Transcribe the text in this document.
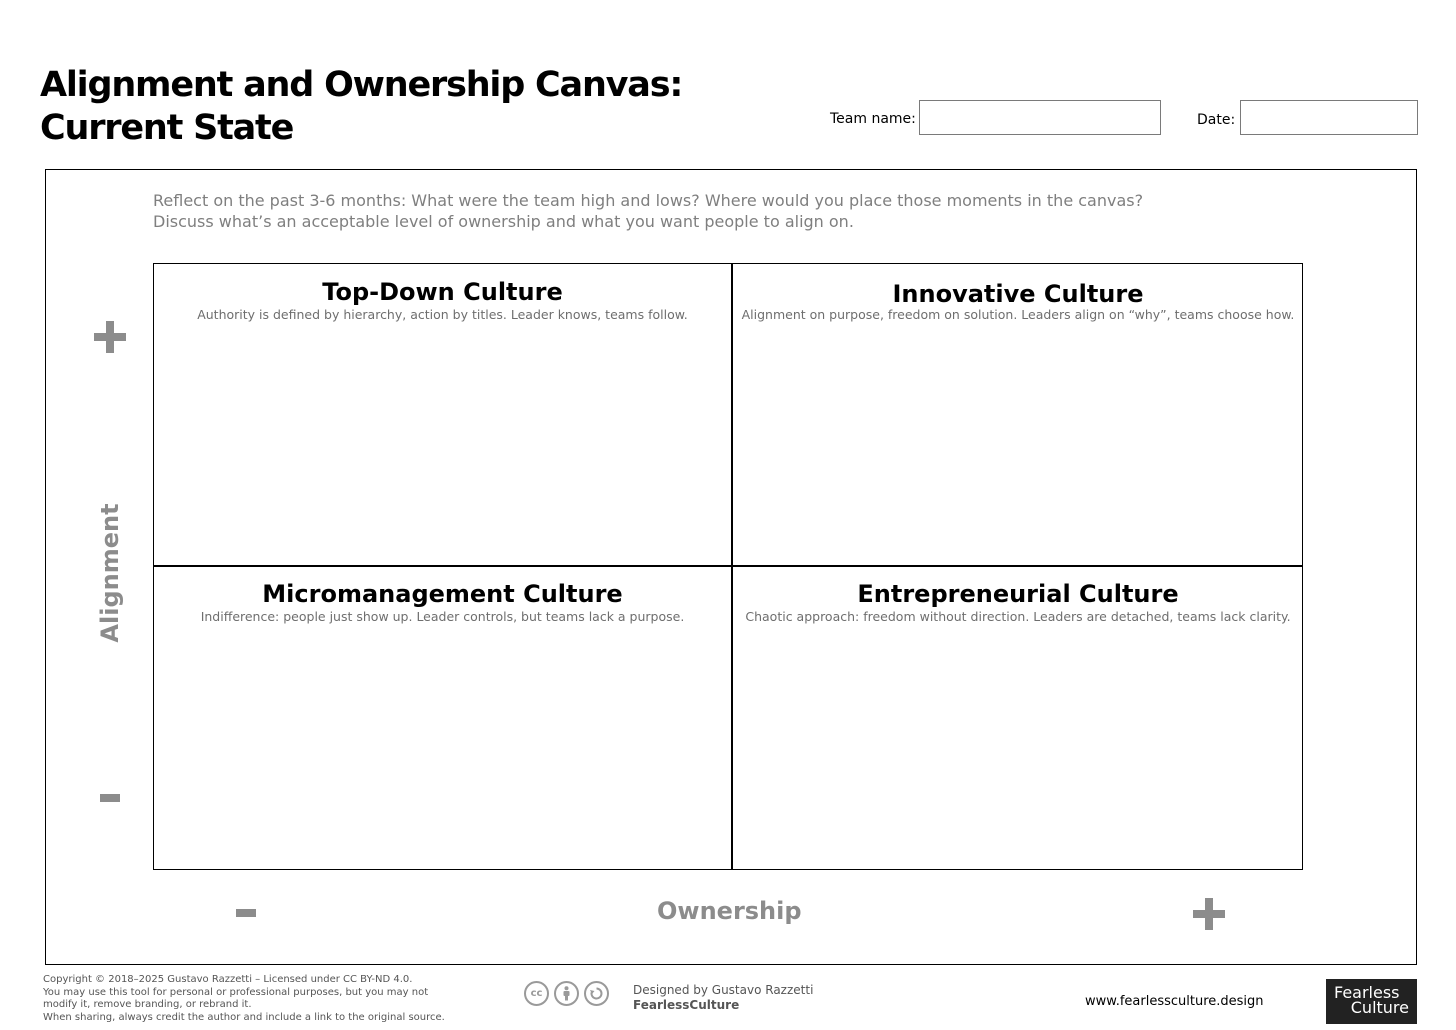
Alignment and Ownership Canvas:
Current State	Team name:	Date:

Reflect on the past 3-6 months: What were the team high and lows? Where would you place those moments in the canvas?

Discuss what’s an acceptable level of ownership and what you want people to align on.

Alignment
Top-Down Culture
Authority is defined by hierarchy, action by titles. Leader knows, teams follow.
Innovative Culture
Alignment on purpose, freedom on solution. Leaders align on “why”, teams choose how.
Micromanagement Culture
Indifference: people just show up. Leader controls, but teams lack a purpose.
Entrepreneurial Culture
Chaotic approach: freedom without direction. Leaders are detached, teams lack clarity.
Ownership

Copyright © 2018–2025 Gustavo Razzetti – Licensed under CC BY-ND 4.0.

You may use this tool for personal or professional purposes, but you may not

modify it, remove branding, or rebrand it.

When sharing, always credit the author and include a link to the original source.

cc	Designed by Gustavo Razzetti
FearlessCulture	www.fearlessculture.design	Fearless
Culture
